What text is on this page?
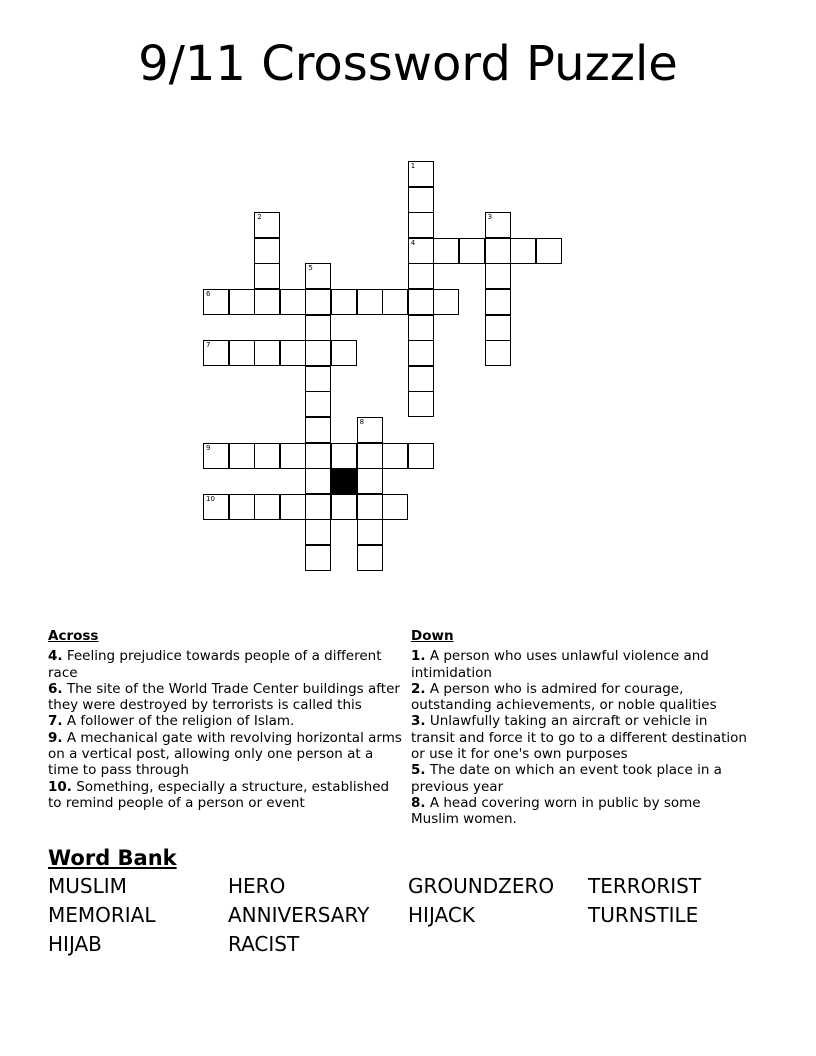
9/11 Crossword Puzzle
1
4
2	3
5
8
6
7
9
10
Across
4. Feeling prejudice towards people of a different race
6. The site of the World Trade Center buildings after they were destroyed by terrorists is called this
7. A follower of the religion of Islam.
9. A mechanical gate with revolving horizontal arms on a vertical post, allowing only one person at a time to pass through
10. Something, especially a structure, established to remind people of a person or event
Down
1. A person who uses unlawful violence and intimidation
2. A person who is admired for courage, outstanding achievements, or noble qualities
3. Unlawfully taking an aircraft or vehicle in transit and force it to go to a different destination or use it for one's own purposes
5. The date on which an event took place in a previous year
8. A head covering worn in public by some Muslim women.
Word Bank
MUSLIM	HERO	GROUNDZERO	TERRORIST
MEMORIAL	ANNIVERSARY	HIJACK	TURNSTILE
HIJAB	RACIST
